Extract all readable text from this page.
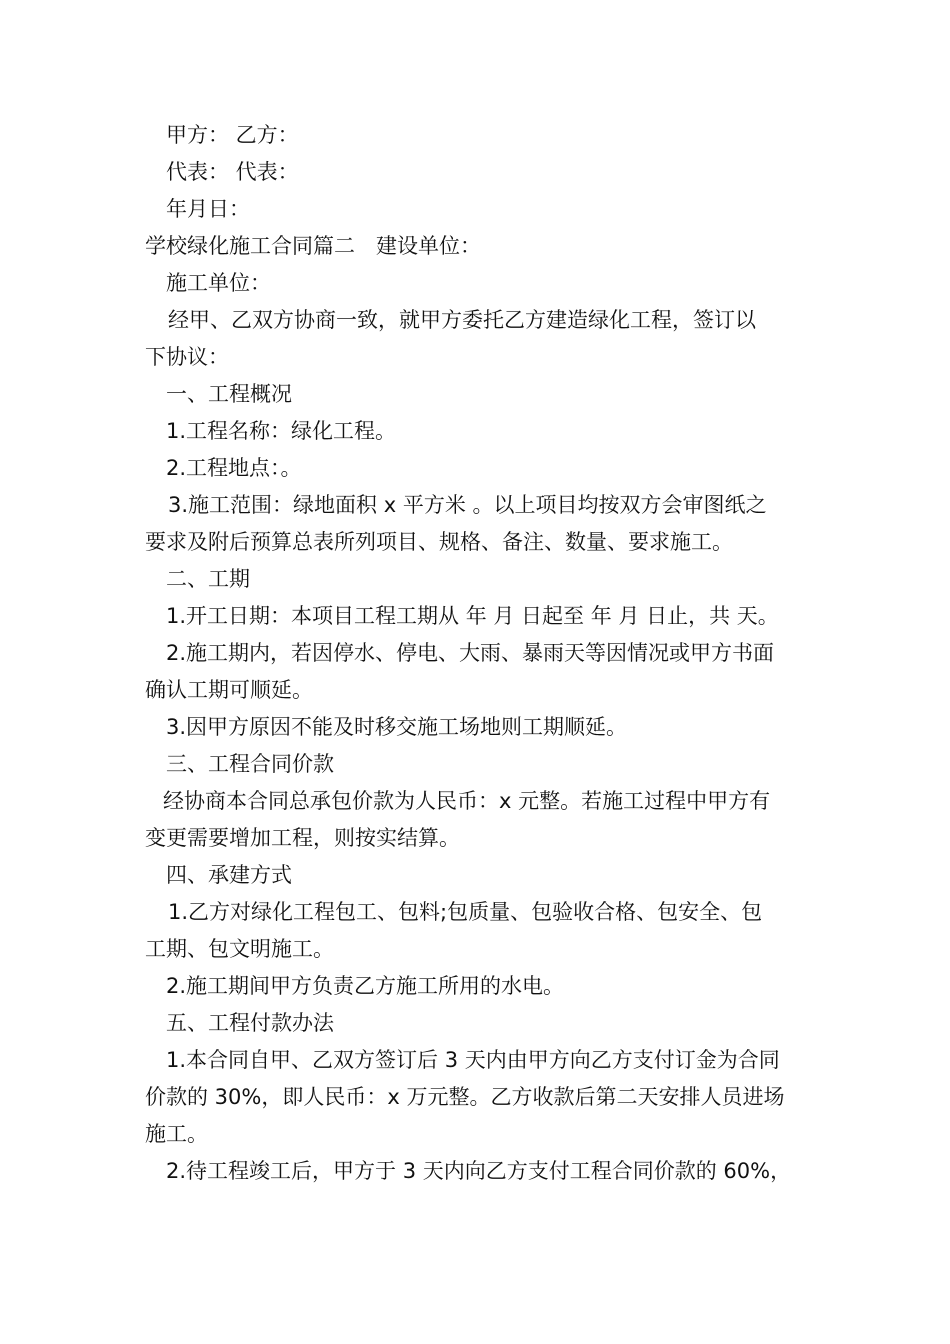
甲方： 乙方：
代表： 代表：
年月日：
学校绿化施工合同篇二　建设单位：
施工单位：
经甲、乙双方协商一致，就甲方委托乙方建造绿化工程，签订以
下协议：
一、工程概况
1.工程名称：绿化工程。
2.工程地点：。
3.施工范围：绿地面积 x 平方米 。以上项目均按双方会审图纸之
要求及附后预算总表所列项目、规格、备注、数量、要求施工。
二、工期
1.开工日期：本项目工程工期从 年 月 日起至 年 月 日止，共 天。
2.施工期内，若因停水、停电、大雨、暴雨天等因情况或甲方书面
确认工期可顺延。
3.因甲方原因不能及时移交施工场地则工期顺延。
三、工程合同价款
经协商本合同总承包价款为人民币：x 元整。若施工过程中甲方有
变更需要增加工程，则按实结算。
四、承建方式
1.乙方对绿化工程包工、包料;包质量、包验收合格、包安全、包
工期、包文明施工。
2.施工期间甲方负责乙方施工所用的水电。
五、工程付款办法
1.本合同自甲、乙双方签订后 3 天内由甲方向乙方支付订金为合同
价款的 30%，即人民币：x 万元整。乙方收款后第二天安排人员进场
施工。
2.待工程竣工后，甲方于 3 天内向乙方支付工程合同价款的 60%，
